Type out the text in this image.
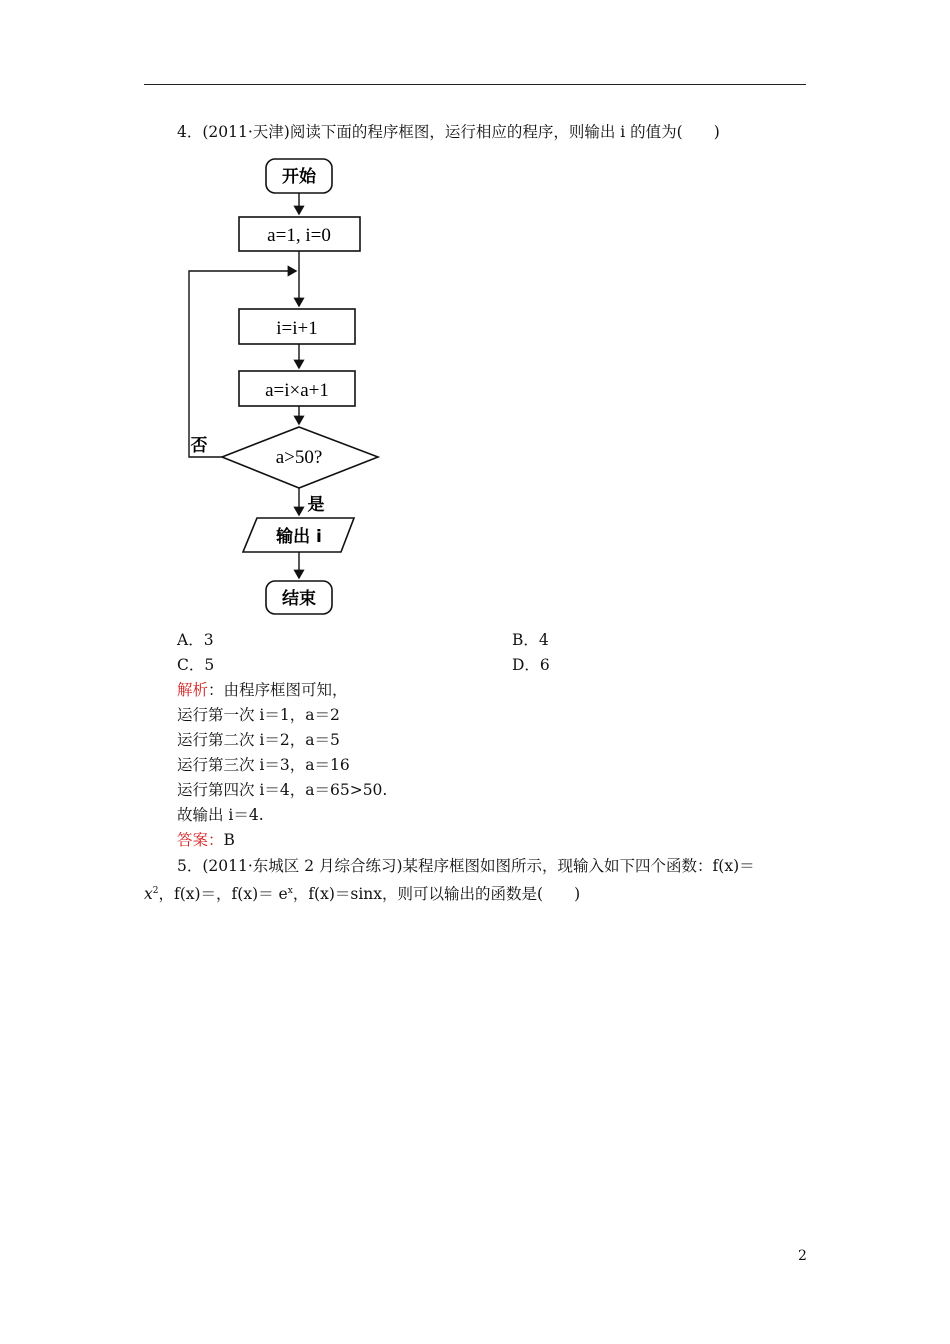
4．(2011·天津)阅读下面的程序框图，运行相应的程序，则输出 i 的值为(　　)
开始
a=1, i=0
i=i+1
a=i×a+1
a>50?
否
是
输出 i
结束
A．3	B．4
C．5	D．6
解析：由程序框图可知，
运行第一次 i＝1，a＝2
运行第二次 i＝2，a＝5
运行第三次 i＝3，a＝16
运行第四次 i＝4，a＝65>50.
故输出 i＝4.
答案：B
5．(2011·东城区 2 月综合练习)某程序框图如图所示，现输入如下四个函数：f(x)＝
$x^2$，f(x)＝，$f(x)= e^x$，f(x)＝sinx，则可以输出的函数是(　　)
2
